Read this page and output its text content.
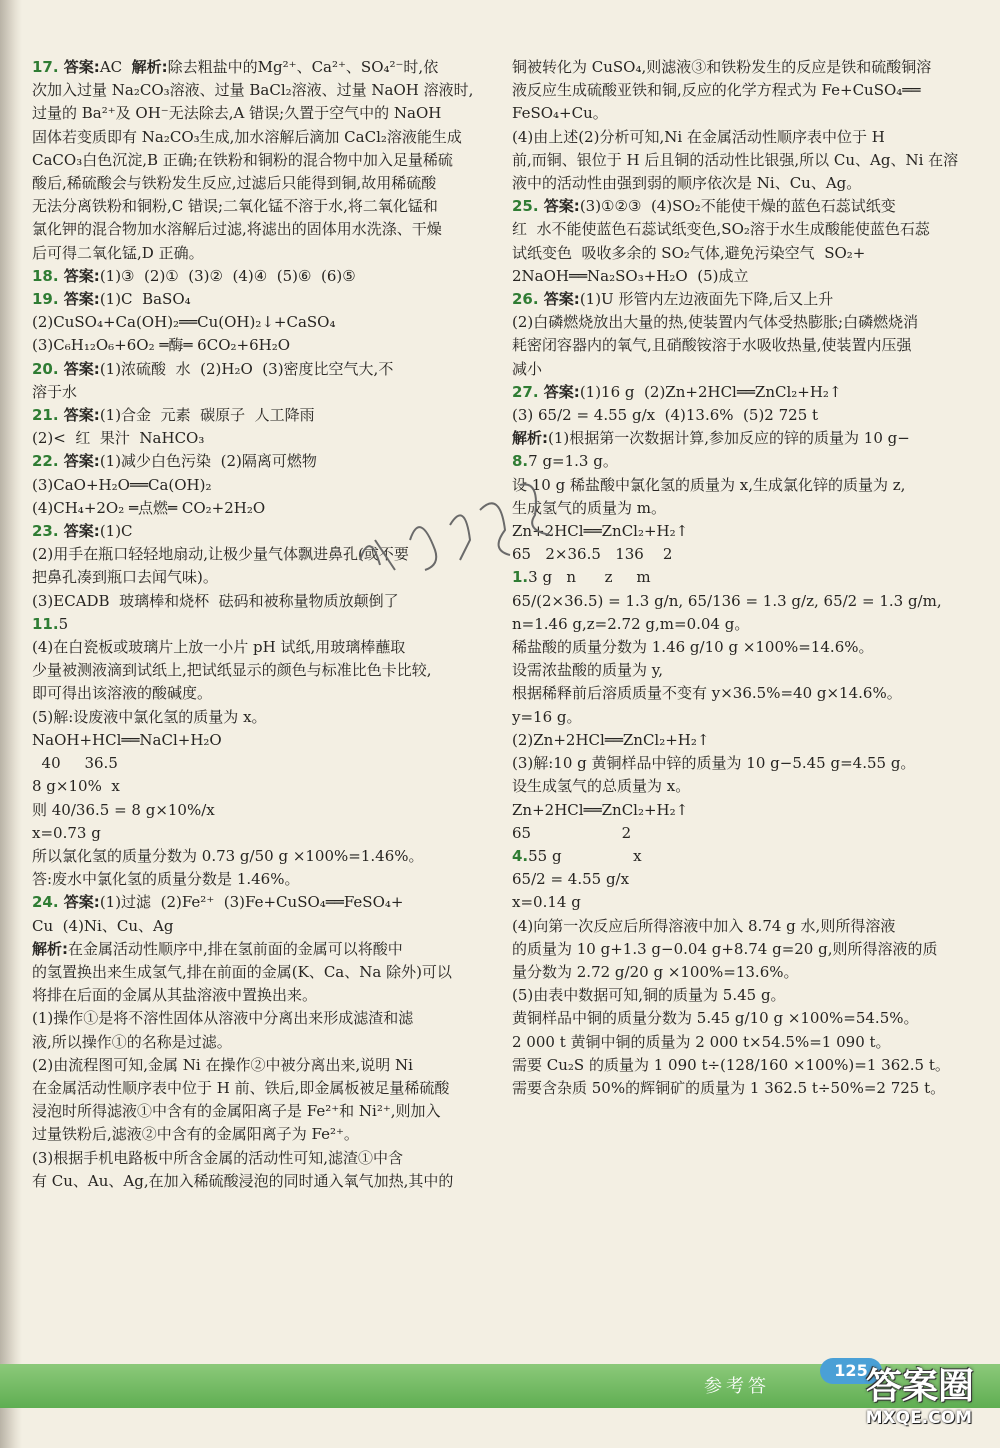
17. 答案:AC  解析:除去粗盐中的Mg²⁺、Ca²⁺、SO₄²⁻时,依
次加入过量 Na₂CO₃溶液、过量 BaCl₂溶液、过量 NaOH 溶液时,
过量的 Ba²⁺及 OH⁻无法除去,A 错误;久置于空气中的 NaOH
固体若变质即有 Na₂CO₃生成,加水溶解后滴加 CaCl₂溶液能生成
CaCO₃白色沉淀,B 正确;在铁粉和铜粉的混合物中加入足量稀硫
酸后,稀硫酸会与铁粉发生反应,过滤后只能得到铜,故用稀硫酸
无法分离铁粉和铜粉,C 错误;二氧化锰不溶于水,将二氧化锰和
氯化钾的混合物加水溶解后过滤,将滤出的固体用水洗涤、干燥
后可得二氧化锰,D 正确。
18. 答案:(1)③  (2)①  (3)②  (4)④  (5)⑥  (6)⑤
19. 答案:(1)C  BaSO₄
(2)CuSO₄+Ca(OH)₂══Cu(OH)₂↓+CaSO₄
(3)C₆H₁₂O₆+6O₂ ═酶═ 6CO₂+6H₂O
20. 答案:(1)浓硫酸  水  (2)H₂O  (3)密度比空气大,不
溶于水
21. 答案:(1)合金  元素  碳原子  人工降雨
(2)<  红  果汁  NaHCO₃
22. 答案:(1)减少白色污染  (2)隔离可燃物
(3)CaO+H₂O══Ca(OH)₂
(4)CH₄+2O₂ ═点燃═ CO₂+2H₂O
23. 答案:(1)C
(2)用手在瓶口轻轻地扇动,让极少量气体飘进鼻孔(或不要
把鼻孔凑到瓶口去闻气味)。
(3)ECADB  玻璃棒和烧杯  砝码和被称量物质放颠倒了
11.5
(4)在白瓷板或玻璃片上放一小片 pH 试纸,用玻璃棒蘸取
少量被测液滴到试纸上,把试纸显示的颜色与标准比色卡比较,
即可得出该溶液的酸碱度。
(5)解:设废液中氯化氢的质量为 x。
NaOH+HCl══NaCl+H₂O
40     36.5
8 g×10%  x
则 40/36.5 = 8 g×10%/x
x=0.73 g
所以氯化氢的质量分数为 0.73 g/50 g ×100%=1.46%。
答:废水中氯化氢的质量分数是 1.46%。
24. 答案:(1)过滤  (2)Fe²⁺  (3)Fe+CuSO₄══FeSO₄+
Cu  (4)Ni、Cu、Ag
解析:在金属活动性顺序中,排在氢前面的金属可以将酸中
的氢置换出来生成氢气,排在前面的金属(K、Ca、Na 除外)可以
将排在后面的金属从其盐溶液中置换出来。
(1)操作①是将不溶性固体从溶液中分离出来形成滤渣和滤
液,所以操作①的名称是过滤。
(2)由流程图可知,金属 Ni 在操作②中被分离出来,说明 Ni
在金属活动性顺序表中位于 H 前、铁后,即金属板被足量稀硫酸
浸泡时所得滤液①中含有的金属阳离子是 Fe²⁺和 Ni²⁺,则加入
过量铁粉后,滤液②中含有的金属阳离子为 Fe²⁺。
(3)根据手机电路板中所含金属的活动性可知,滤渣①中含
有 Cu、Au、Ag,在加入稀硫酸浸泡的同时通入氧气加热,其中的
铜被转化为 CuSO₄,则滤液③和铁粉发生的反应是铁和硫酸铜溶
液反应生成硫酸亚铁和铜,反应的化学方程式为 Fe+CuSO₄══
FeSO₄+Cu。
(4)由上述(2)分析可知,Ni 在金属活动性顺序表中位于 H
前,而铜、银位于 H 后且铜的活动性比银强,所以 Cu、Ag、Ni 在溶
液中的活动性由强到弱的顺序依次是 Ni、Cu、Ag。
25. 答案:(3)①②③  (4)SO₂不能使干燥的蓝色石蕊试纸变
红  水不能使蓝色石蕊试纸变色,SO₂溶于水生成酸能使蓝色石蕊
试纸变色  吸收多余的 SO₂气体,避免污染空气  SO₂+
2NaOH══Na₂SO₃+H₂O  (5)成立
26. 答案:(1)U 形管内左边液面先下降,后又上升
(2)白磷燃烧放出大量的热,使装置内气体受热膨胀;白磷燃烧消
耗密闭容器内的氧气,且硝酸铵溶于水吸收热量,使装置内压强
减小
27. 答案:(1)16 g  (2)Zn+2HCl══ZnCl₂+H₂↑
(3) 65/2 = 4.55 g/x  (4)13.6%  (5)2 725 t
解析:(1)根据第一次数据计算,参加反应的锌的质量为 10 g−
8.7 g=1.3 g。
设 10 g 稀盐酸中氯化氢的质量为 x,生成氯化锌的质量为 z,
生成氢气的质量为 m。
Zn+2HCl══ZnCl₂+H₂↑
65   2×36.5   136    2
1.3 g   n      z     m
65/(2×36.5) = 1.3 g/n, 65/136 = 1.3 g/z, 65/2 = 1.3 g/m,
n=1.46 g,z=2.72 g,m=0.04 g。
稀盐酸的质量分数为 1.46 g/10 g ×100%=14.6%。
设需浓盐酸的质量为 y,
根据稀释前后溶质质量不变有 y×36.5%=40 g×14.6%。
y=16 g。
(2)Zn+2HCl══ZnCl₂+H₂↑
(3)解:10 g 黄铜样品中锌的质量为 10 g−5.45 g=4.55 g。
设生成氢气的总质量为 x。
Zn+2HCl══ZnCl₂+H₂↑
65                   2
4.55 g               x
65/2 = 4.55 g/x
x=0.14 g
(4)向第一次反应后所得溶液中加入 8.74 g 水,则所得溶液
的质量为 10 g+1.3 g−0.04 g+8.74 g=20 g,则所得溶液的质
量分数为 2.72 g/20 g ×100%=13.6%。
(5)由表中数据可知,铜的质量为 5.45 g。
黄铜样品中铜的质量分数为 5.45 g/10 g ×100%=54.5%。
2 000 t 黄铜中铜的质量为 2 000 t×54.5%=1 090 t。
需要 Cu₂S 的质量为 1 090 t÷(128/160 ×100%)=1 362.5 t。
需要含杂质 50%的辉铜矿的质量为 1 362.5 t÷50%=2 725 t。
125
参考答	答案圈
MXQE.COM
